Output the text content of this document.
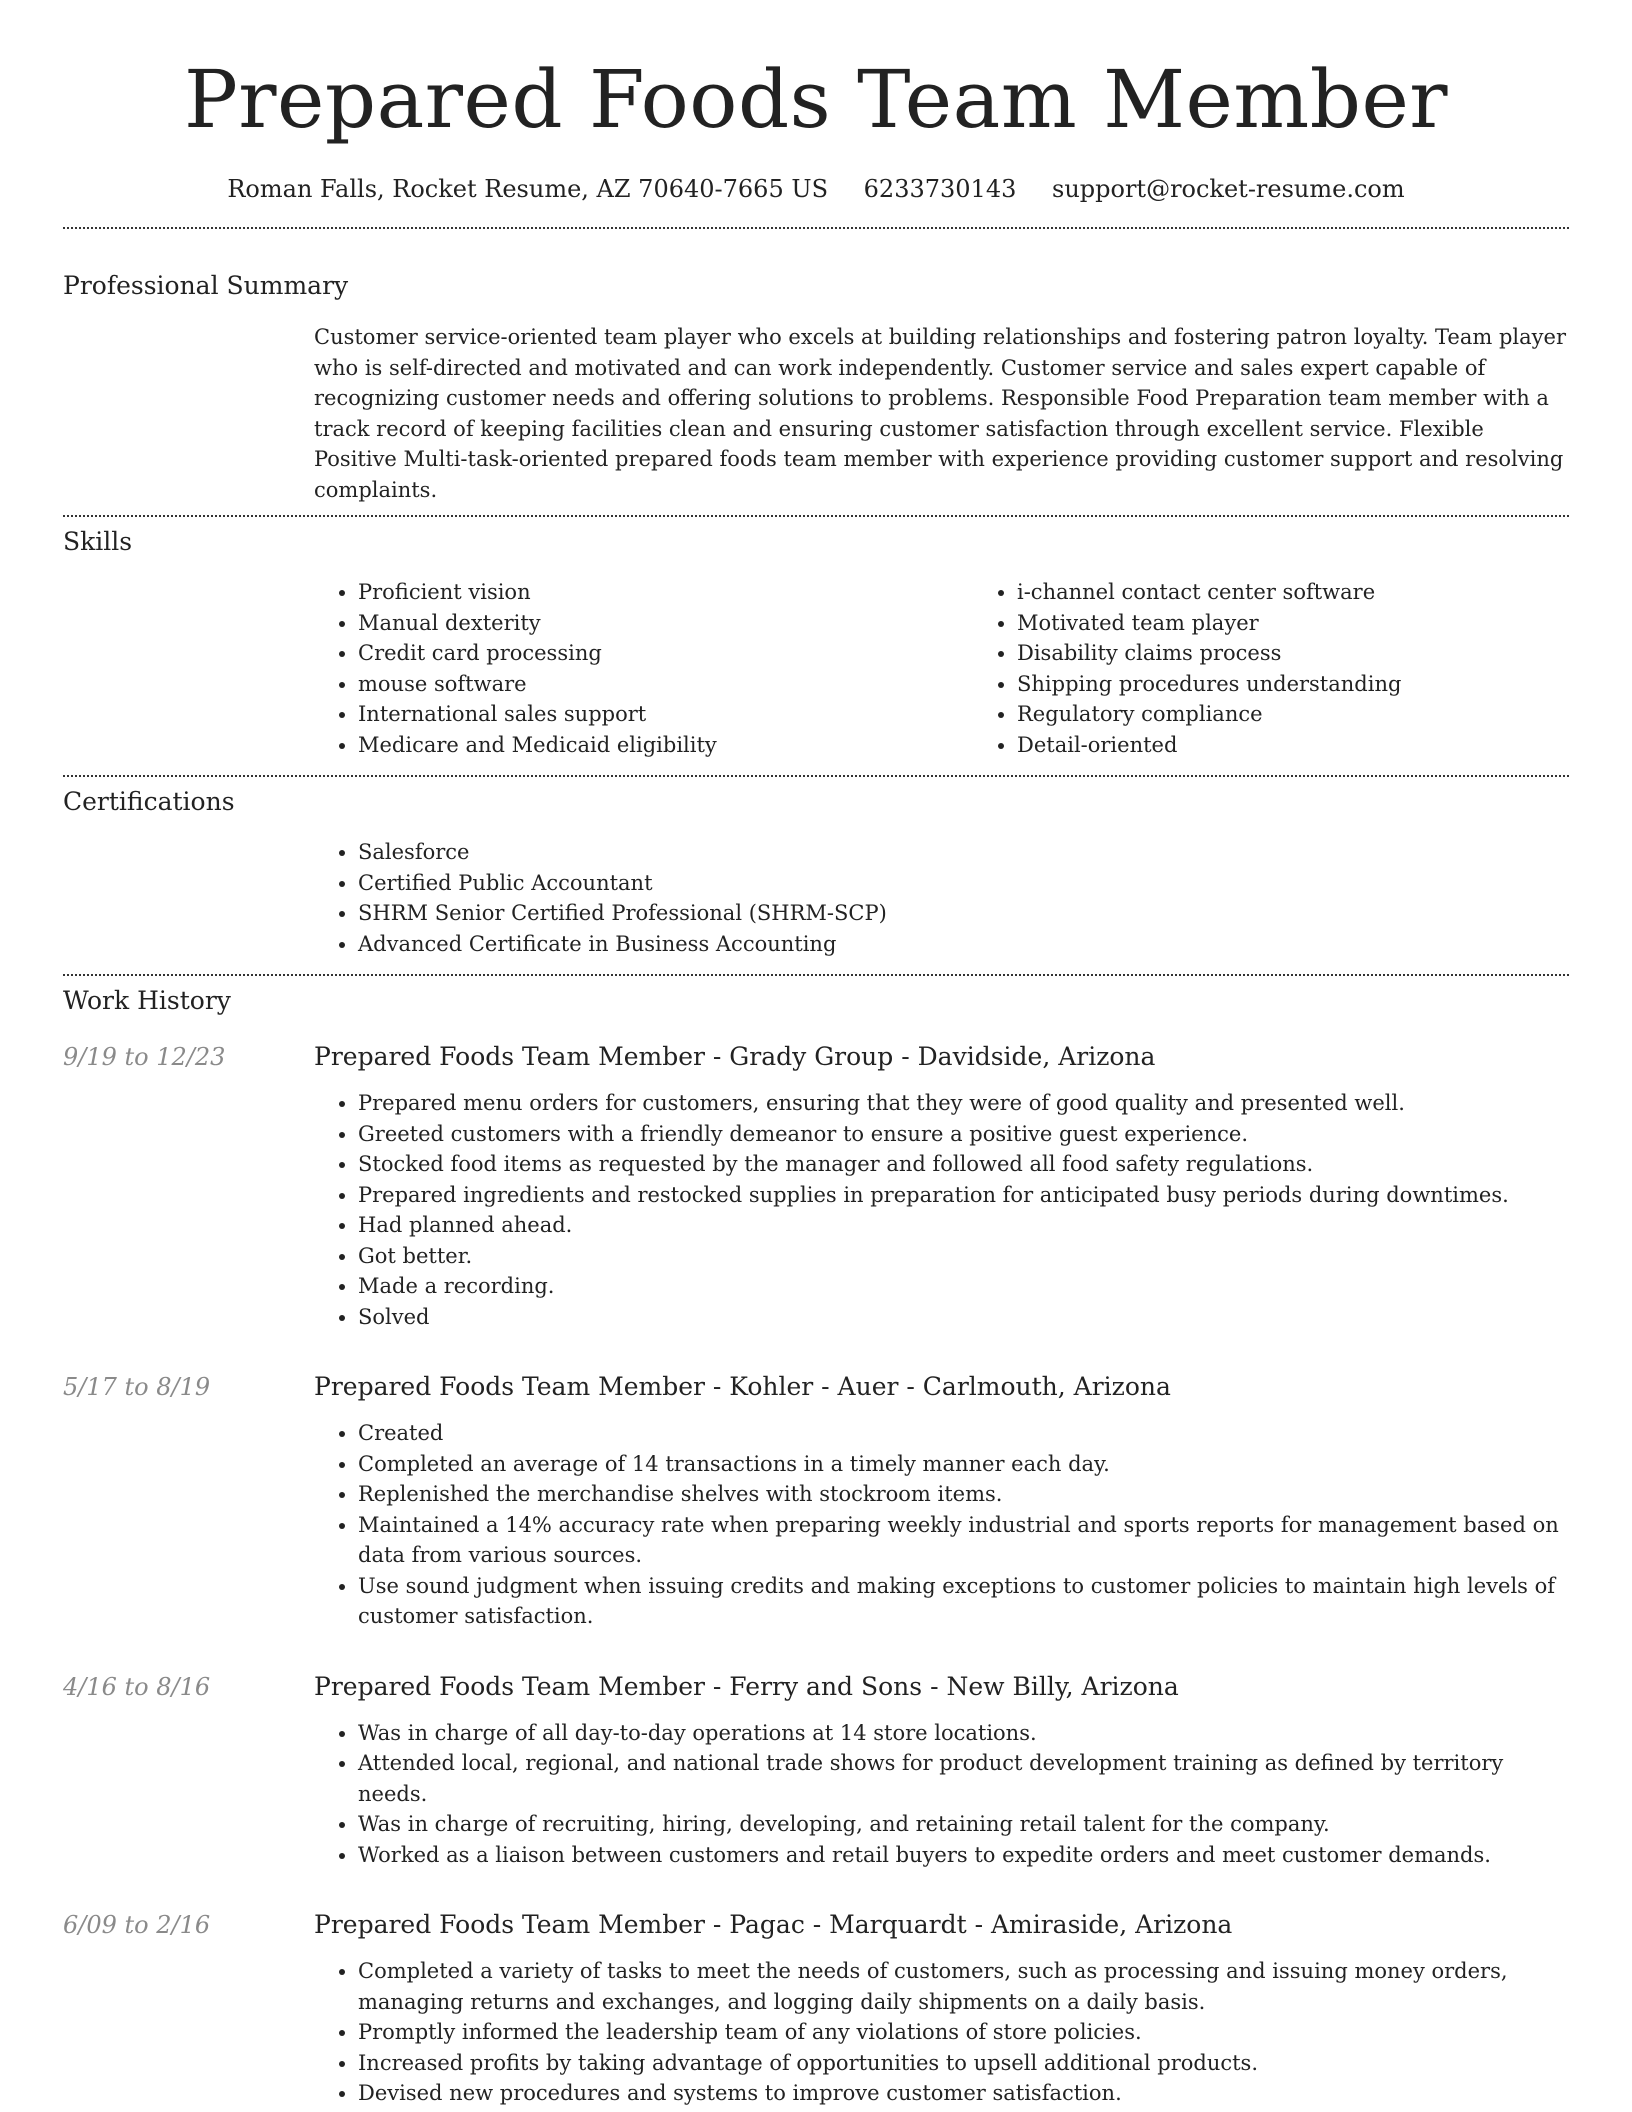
Prepared Foods Team Member
Roman Falls, Rocket Resume, AZ 70640-7665 US 6233730143 support@rocket-resume.com
Professional Summary

Customer service-oriented team player who excels at building relationships and fostering patron loyalty. Team player who is self-directed and motivated and can work independently. Customer service and sales expert capable of recognizing customer needs and offering solutions to problems. Responsible Food Preparation team member with a track record of keeping facilities clean and ensuring customer satisfaction through excellent service. Flexible Positive Multi-task-oriented prepared foods team member with experience providing customer support and resolving complaints.

Skills
• Proficient vision
• Manual dexterity
• Credit card processing
• mouse software
• International sales support
• Medicare and Medicaid eligibility
• i-channel contact center software
• Motivated team player
• Disability claims process
• Shipping procedures understanding
• Regulatory compliance
• Detail-oriented
Certifications
• Salesforce
• Certified Public Accountant
• SHRM Senior Certified Professional (SHRM-SCP)
• Advanced Certificate in Business Accounting
Work History
9/19 to 12/23	Prepared Foods Team Member - Grady Group - Davidside, Arizona
• Prepared menu orders for customers, ensuring that they were of good quality and presented well.
• Greeted customers with a friendly demeanor to ensure a positive guest experience.
• Stocked food items as requested by the manager and followed all food safety regulations.
• Prepared ingredients and restocked supplies in preparation for anticipated busy periods during downtimes.
• Had planned ahead.
• Got better.
• Made a recording.
• Solved
5/17 to 8/19	Prepared Foods Team Member - Kohler - Auer - Carlmouth, Arizona
• Created
• Completed an average of 14 transactions in a timely manner each day.
• Replenished the merchandise shelves with stockroom items.
• Maintained a 14% accuracy rate when preparing weekly industrial and sports reports for management based on data from various sources.
• Use sound judgment when issuing credits and making exceptions to customer policies to maintain high levels of customer satisfaction.
4/16 to 8/16	Prepared Foods Team Member - Ferry and Sons - New Billy, Arizona
• Was in charge of all day-to-day operations at 14 store locations.
• Attended local, regional, and national trade shows for product development training as defined by territory needs.
• Was in charge of recruiting, hiring, developing, and retaining retail talent for the company.
• Worked as a liaison between customers and retail buyers to expedite orders and meet customer demands.
6/09 to 2/16	Prepared Foods Team Member - Pagac - Marquardt - Amiraside, Arizona
• Completed a variety of tasks to meet the needs of customers, such as processing and issuing money orders, managing returns and exchanges, and logging daily shipments on a daily basis.
• Promptly informed the leadership team of any violations of store policies.
• Increased profits by taking advantage of opportunities to upsell additional products.
• Devised new procedures and systems to improve customer satisfaction.
